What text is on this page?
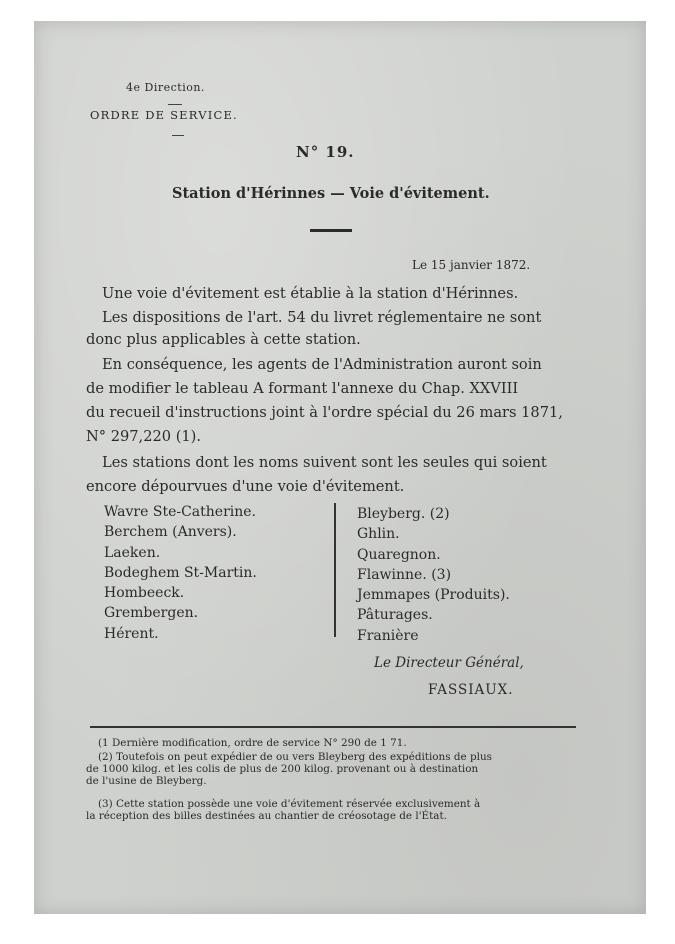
4e Direction.
ORDRE DE SERVICE.
N° 19.
Station d'Hérinnes — Voie d'évitement.
Le 15 janvier 1872.
Une voie d'évitement est établie à la station d'Hérinnes.
Les dispositions de l'art. 54 du livret réglementaire ne sont
donc plus applicables à cette station.
En conséquence, les agents de l'Administration auront soin
de modifier le tableau A formant l'annexe du Chap. XXVIII
du recueil d'instructions joint à l'ordre spécial du 26 mars 1871,
N° 297,220 (1).
Les stations dont les noms suivent sont les seules qui soient
encore dépourvues d'une voie d'évitement.
Wavre Ste-Catherine.
Berchem (Anvers).
Laeken.
Bodeghem St-Martin.
Hombeeck.
Grembergen.
Hérent.
Bleyberg. (2)
Ghlin.
Quaregnon.
Flawinne. (3)
Jemmapes (Produits).
Pâturages.
Franière
Le Directeur Général,
FASSIAUX.
(1 Dernière modification, ordre de service N° 290 de 1 71.
(2) Toutefois on peut expédier de ou vers Bleyberg des expéditions de plus
de 1000 kilog. et les colis de plus de 200 kilog. provenant ou à destination
de l'usine de Bleyberg.
(3) Cette station possède une voie d'évitement réservée exclusivement à
la réception des billes destinées au chantier de créosotage de l'État.
